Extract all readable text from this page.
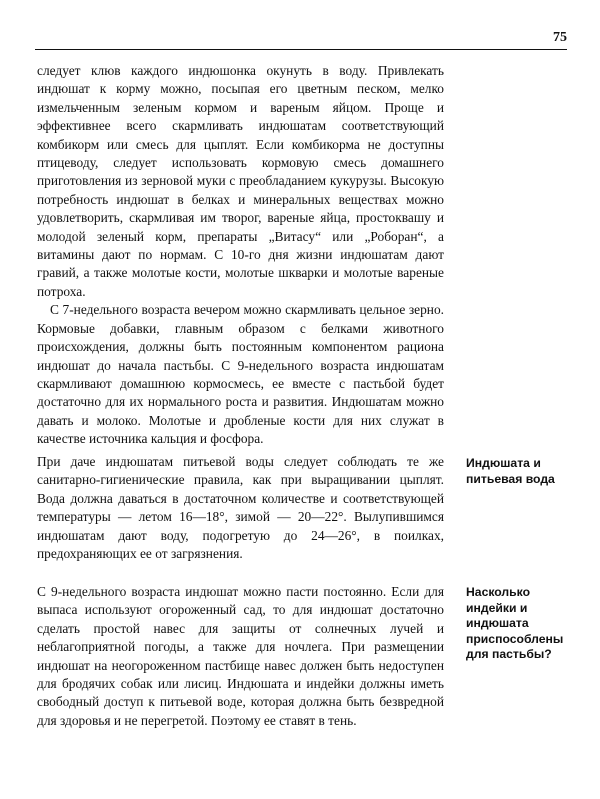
75

следует клюв каждого индюшонка окунуть в воду. Привлекать индюшат к корму можно, посыпая его цветным песком, мелко измельченным зеленым кормом и вареным яйцом. Проще и эффективнее всего скармливать индюшатам соответствующий комбикорм или смесь для цыплят. Если комбикорма не доступны птицеводу, следует использовать кормовую смесь домашнего приготовления из зерновой муки с преобладанием кукурузы. Высокую потребность индюшат в белках и минеральных веществах можно удовлетворить, скармливая им творог, вареные яйца, простоквашу и молодой зеленый корм, препараты „Витасу“ или „Роборан“, а витамины дают по нормам. С 10-го дня жизни индюшатам дают гравий, а также молотые кости, молотые шкварки и молотые вареные потроха.

С 7-недельного возраста вечером можно скармливать цельное зерно. Кормовые добавки, главным образом с белками животного происхождения, должны быть постоянным компонентом рациона индюшат до начала пастьбы. С 9-недельного возраста индюшатам скармливают домашнюю кормосмесь, ее вместе с пастьбой будет достаточно для их нормального роста и развития. Индюшатам можно давать и молоко. Молотые и дробленые кости для них служат в качестве источника кальция и фосфора.

Индюшата и питьевая вода

При даче индюшатам питьевой воды следует соблюдать те же санитарно-гигиенические правила, как при выращивании цыплят. Вода должна даваться в достаточном количестве и соответствующей температуры — летом 16—18°, зимой — 20—22°. Вылупившимся индюшатам дают воду, подогретую до 24—26°, в поилках, предохраняющих ее от загрязнения.

Насколько индейки и индюшата приспособлены для пастьбы?

С 9-недельного возраста индюшат можно пасти постоянно. Если для выпаса используют огороженный сад, то для индюшат достаточно сделать простой навес для защиты от солнечных лучей и неблагоприятной погоды, а также для ночлега. При размещении индюшат на неогороженном пастбище навес должен быть недоступен для бродячих собак или лисиц. Индюшата и индейки должны иметь свободный доступ к питьевой воде, которая должна быть безвредной для здоровья и не перегретой. Поэтому ее ставят в тень.
